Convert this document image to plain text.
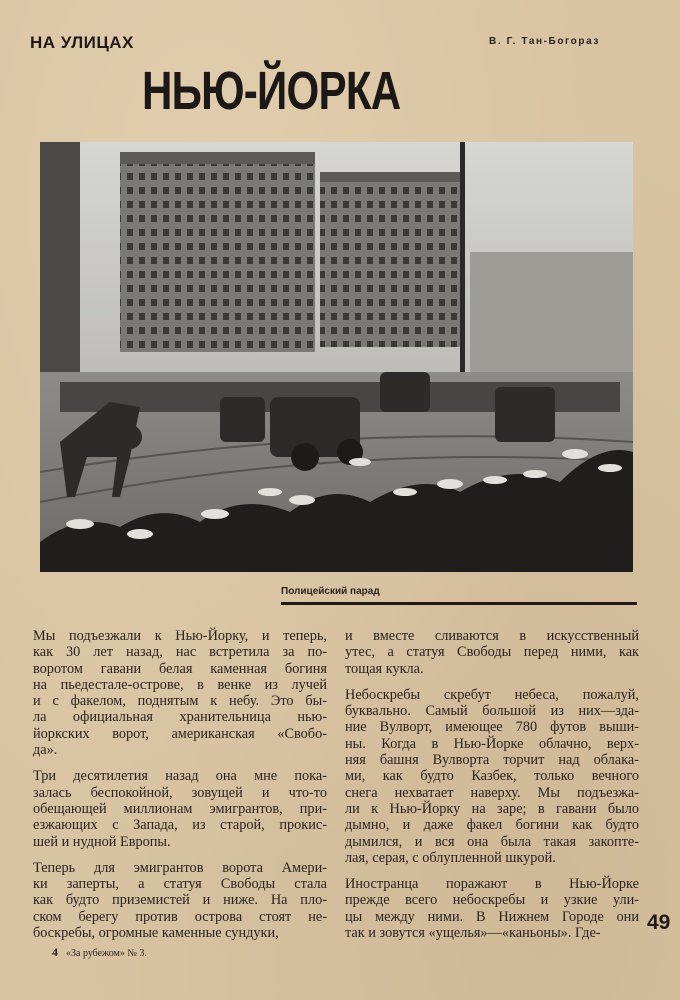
НА УЛИЦАХ	В. Г. Тан-Богораз
НЬЮ-ЙОРКА
Полицейский парад
Мы подъезжали к Нью-Йорку, и теперь,
как 30 лет назад, нас встретила за по-
воротом гавани белая каменная богиня
на пьедестале-острове, в венке из лучей
и с факелом, поднятым к небу. Это бы-
ла официальная хранительница нью-
йоркских ворот, американская «Свобо-
да».
Три десятилетия назад она мне пока-
залась беспокойной, зовущей и что-то
обещающей миллионам эмигрантов, при-
езжающих с Запада, из старой, прокис-
шей и нудной Европы.
Теперь для эмигрантов ворота Амери-
ки заперты, а статуя Свободы стала
как будто приземистей и ниже. На пло-
ском берегу против острова стоят не-
боскребы, огромные каменные сундуки,
и вместе сливаются в искусственный
утес, а статуя Свободы перед ними, как
тощая кукла.
Небоскребы скребут небеса, пожалуй,
буквально. Самый большой из них—зда-
ние Вулворт, имеющее 780 футов выши-
ны. Когда в Нью-Йорке облачно, верх-
няя башня Вулворта торчит над облака-
ми, как будто Казбек, только вечного
снега нехватает наверху. Мы подъезжа-
ли к Нью-Йорку на заре; в гавани было
дымно, и даже факел богини как будто
дымился, и вся она была такая закопте-
лая, серая, с облупленной шкурой.
Иностранца поражают в Нью-Йорке
прежде всего небоскребы и узкие ули-
цы между ними. В Нижнем Городе они
так и зовутся «ущелья»—«каньоны». Где-	49
4 «За рубежом» № 3.
